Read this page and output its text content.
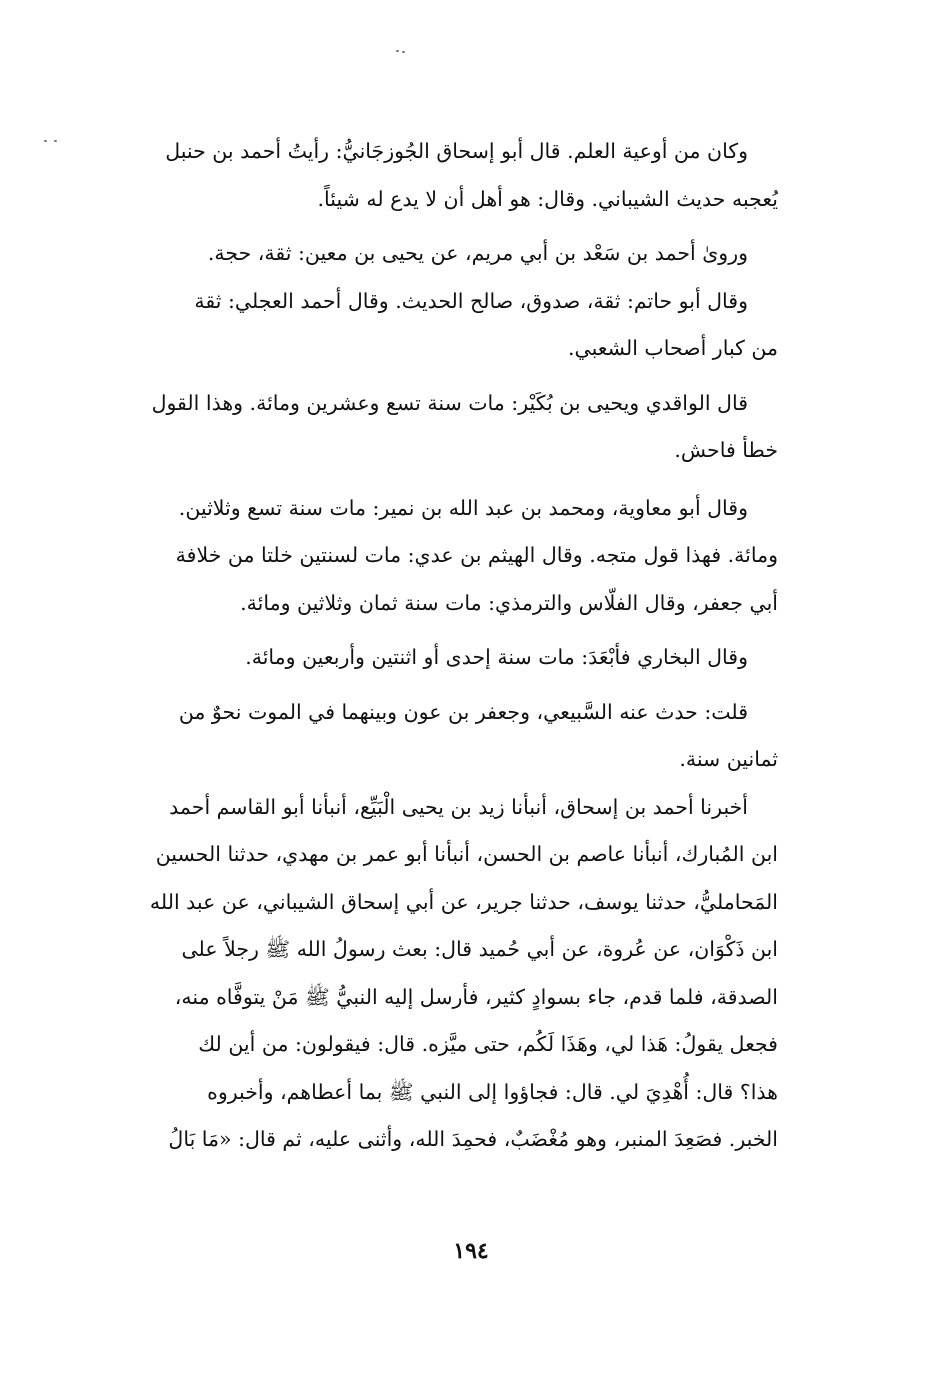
وكان من أوعية العلم. قال أبو إسحاق الجُوزجَانيُّ: رأيتُ أحمد بن حنبل
يُعجبه حديث الشيباني. وقال: هو أهل أن لا يدع له شيئاً.

وروىٰ أحمد بن سَعْد بن أبي مريم، عن يحيى بن معين: ثقة، حجة.

وقال أبو حاتم: ثقة، صدوق، صالح الحديث. وقال أحمد العجلي: ثقة
من كبار أصحاب الشعبي.

قال الواقدي ويحيى بن بُكَيْر: مات سنة تسع وعشرين ومائة. وهذا القول
خطأ فاحش.

وقال أبو معاوية، ومحمد بن عبد الله بن نمير: مات سنة تسع وثلاثين.
ومائة. فهذا قول متجه. وقال الهيثم بن عدي: مات لسنتين خلتا من خلافة
أبي جعفر، وقال الفلّاس والترمذي: مات سنة ثمان وثلاثين ومائة.

وقال البخاري فأبْعَدَ: مات سنة إحدى أو اثنتين وأربعين ومائة.

قلت: حدث عنه السَّبيعي، وجعفر بن عون وبينهما في الموت نحوٌ من
ثمانين سنة.

أخبرنا أحمد بن إسحاق، أنبأنا زيد بن يحيى الْبَيِّع، أنبأنا أبو القاسم أحمد
ابن المُبارك، أنبأنا عاصم بن الحسن، أنبأنا أبو عمر بن مهدي، حدثنا الحسين
المَحامليُّ، حدثنا يوسف، حدثنا جرير، عن أبي إسحاق الشيباني، عن عبد الله
ابن ذَكْوَان، عن عُروة، عن أبي حُميد قال: بعث رسولُ الله ﷺ رجلاً على
الصدقة، فلما قدم، جاء بسوادٍ كثير، فأرسل إليه النبيُّ ﷺ مَنْ يتوفَّاه منه،
فجعل يقولُ: هَذا لي، وهَذَا لَكُم، حتى ميَّزه. قال: فيقولون: من أين لك
هذا؟ قال: أُهْدِيَ لي. قال: فجاؤوا إلى النبي ﷺ بما أعطاهم، وأخبروه
الخبر. فصَعِدَ المنبر، وهو مُغْضَبٌ، فحمِدَ الله، وأثنى عليه، ثم قال: «مَا بَالُ

١٩٤
